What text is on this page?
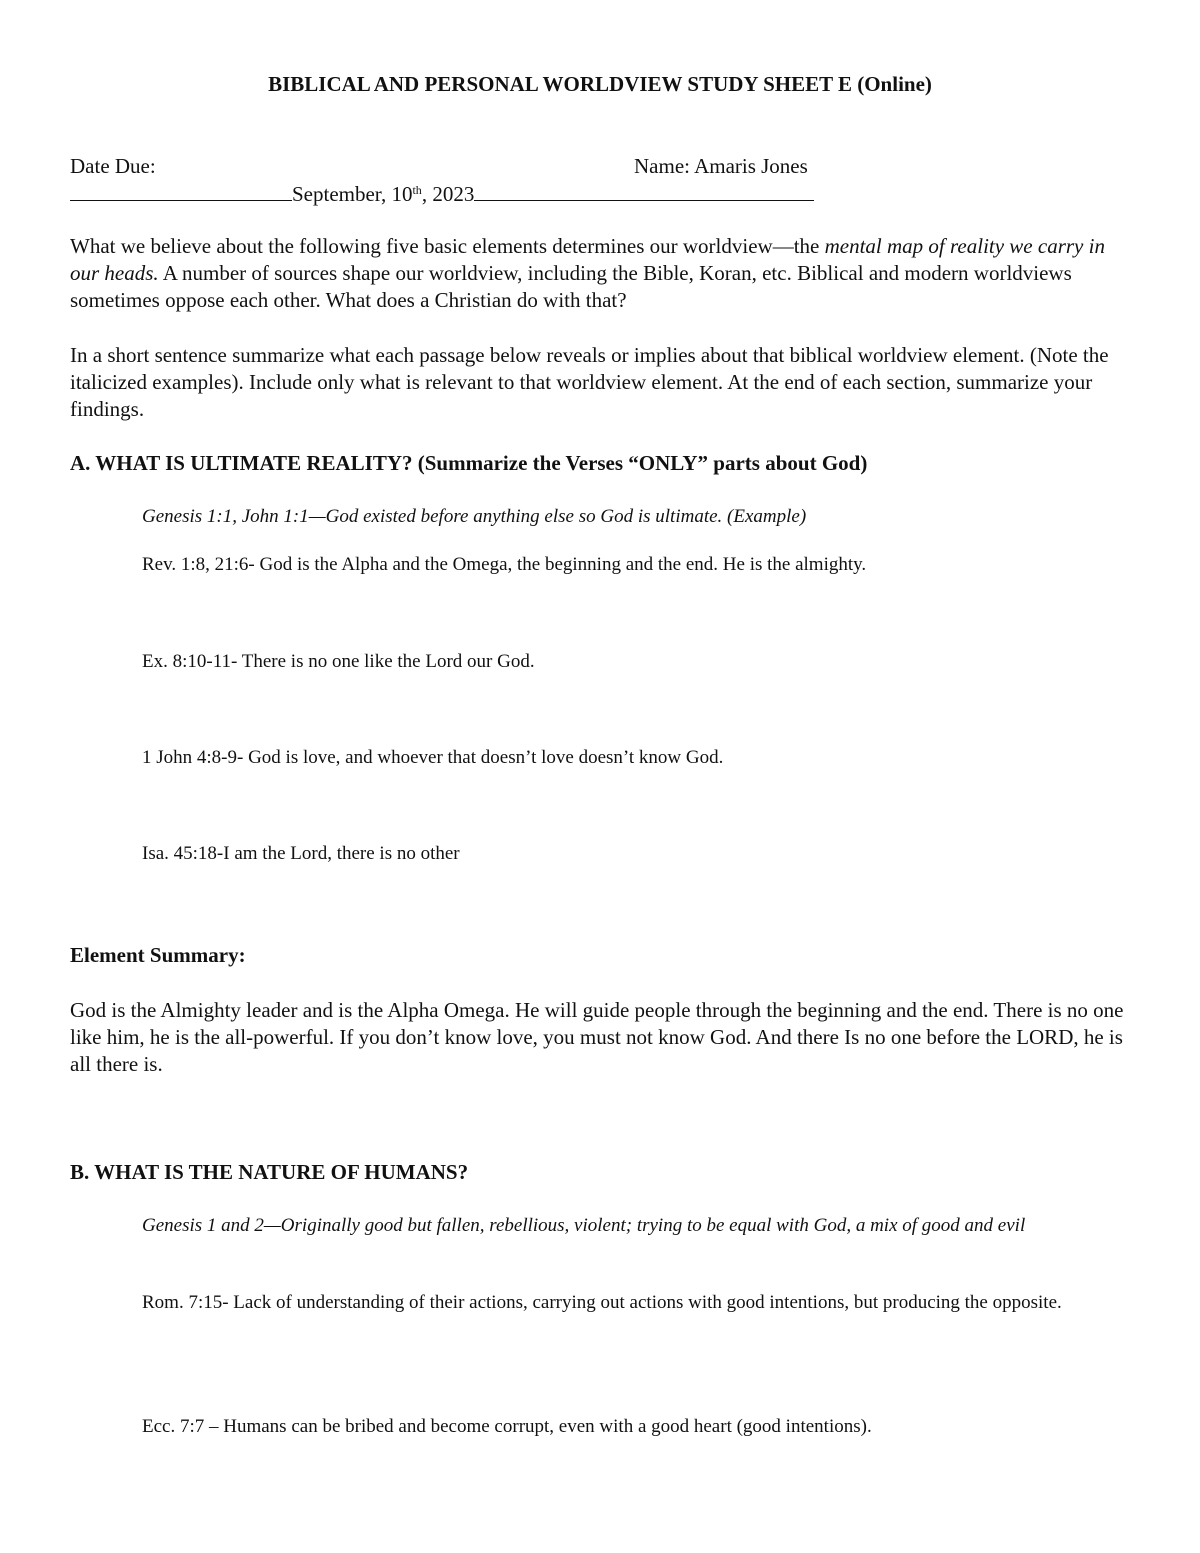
BIBLICAL AND PERSONAL WORLDVIEW STUDY SHEET E (Online)
Date Due:	Name: Amaris Jones
September, 10th, 2023
What we believe about the following five basic elements determines our worldview—the mental map of reality we carry in our heads. A number of sources shape our worldview, including the Bible, Koran, etc. Biblical and modern worldviews sometimes oppose each other. What does a Christian do with that?
In a short sentence summarize what each passage below reveals or implies about that biblical worldview element. (Note the italicized examples). Include only what is relevant to that worldview element. At the end of each section, summarize your findings.
A. WHAT IS ULTIMATE REALITY? (Summarize the Verses “ONLY” parts about God)
Genesis 1:1, John 1:1—God existed before anything else so God is ultimate. (Example)
Rev. 1:8, 21:6- God is the Alpha and the Omega, the beginning and the end. He is the almighty.
Ex. 8:10-11- There is no one like the Lord our God.
1 John 4:8-9- God is love, and whoever that doesn’t love doesn’t know God.
Isa. 45:18-I am the Lord, there is no other
Element Summary:
God is the Almighty leader and is the Alpha Omega. He will guide people through the beginning and the end. There is no one like him, he is the all-powerful. If you don’t know love, you must not know God. And there Is no one before the LORD, he is all there is.
B. WHAT IS THE NATURE OF HUMANS?
Genesis 1 and 2—Originally good but fallen, rebellious, violent; trying to be equal with God, a mix of good and evil
Rom. 7:15- Lack of understanding of their actions, carrying out actions with good intentions, but producing the opposite.
Ecc. 7:7 – Humans can be bribed and become corrupt, even with a good heart (good intentions).
